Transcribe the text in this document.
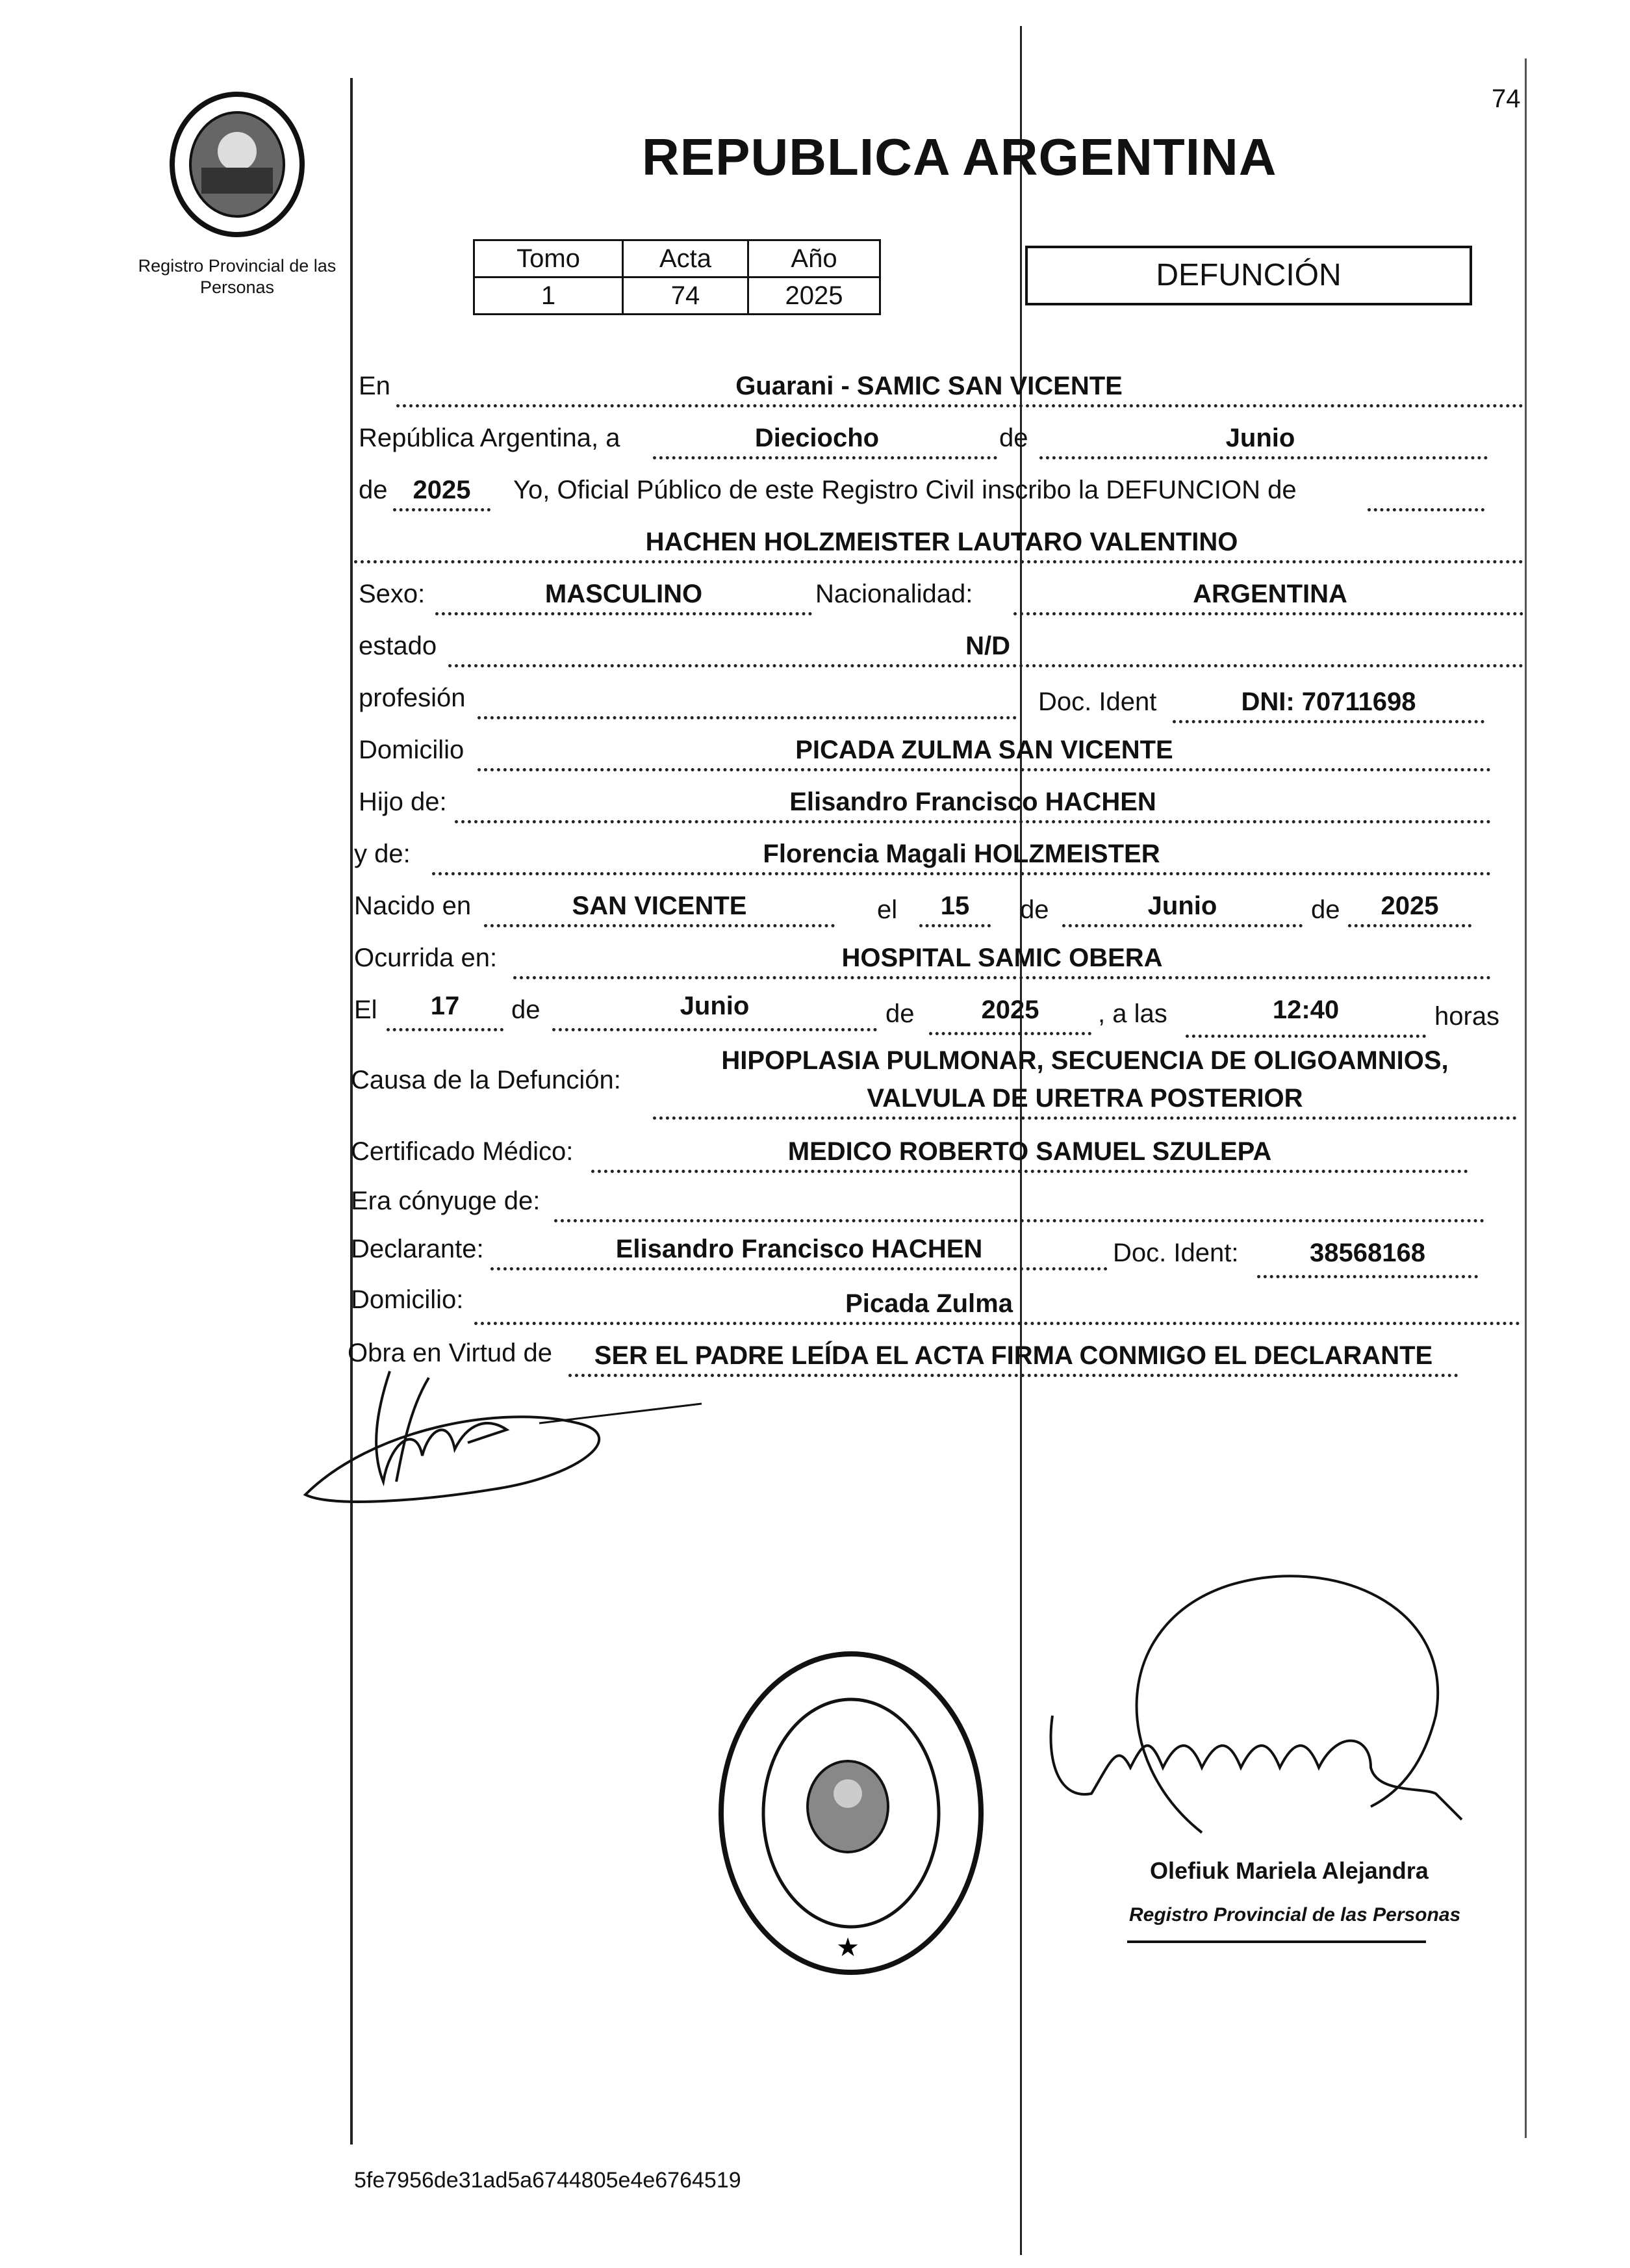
Registro Provincial de las Personas
74
REPUBLICA ARGENTINA
Tomo	Acta	Año
1	74	2025
DEFUNCIÓN
En	Guarani - SAMIC SAN VICENTE
República Argentina, a	Dieciocho	de	Junio
de 2025	Yo, Oficial Público de este Registro Civil inscribo la DEFUNCION de
HACHEN HOLZMEISTER LAUTARO VALENTINO
Sexo:	MASCULINO	Nacionalidad:	ARGENTINA
estado	N/D
profesión	Doc. Ident	DNI: 70711698
Domicilio	PICADA ZULMA SAN VICENTE
Hijo de:	Elisandro Francisco HACHEN
y de:	Florencia Magali HOLZMEISTER
Nacido en	SAN VICENTE	el	15	de	Junio	de	2025
Ocurrida en:	HOSPITAL SAMIC OBERA
El	17	de	Junio	de	2025	, a las	12:40	horas
Causa de la Defunción:
HIPOPLASIA PULMONAR, SECUENCIA DE OLIGOAMNIOS,
VALVULA DE URETRA POSTERIOR
Certificado Médico:	MEDICO ROBERTO SAMUEL SZULEPA
Era cónyuge de:
Declarante:	Elisandro Francisco HACHEN	Doc. Ident:	38568168
Domicilio:	Picada Zulma
Obra en Virtud de	SER EL PADRE LEÍDA EL ACTA FIRMA CONMIGO EL DECLARANTE
★
Olefiuk Mariela Alejandra
Registro Provincial de las Personas
5fe7956de31ad5a6744805e4e6764519
